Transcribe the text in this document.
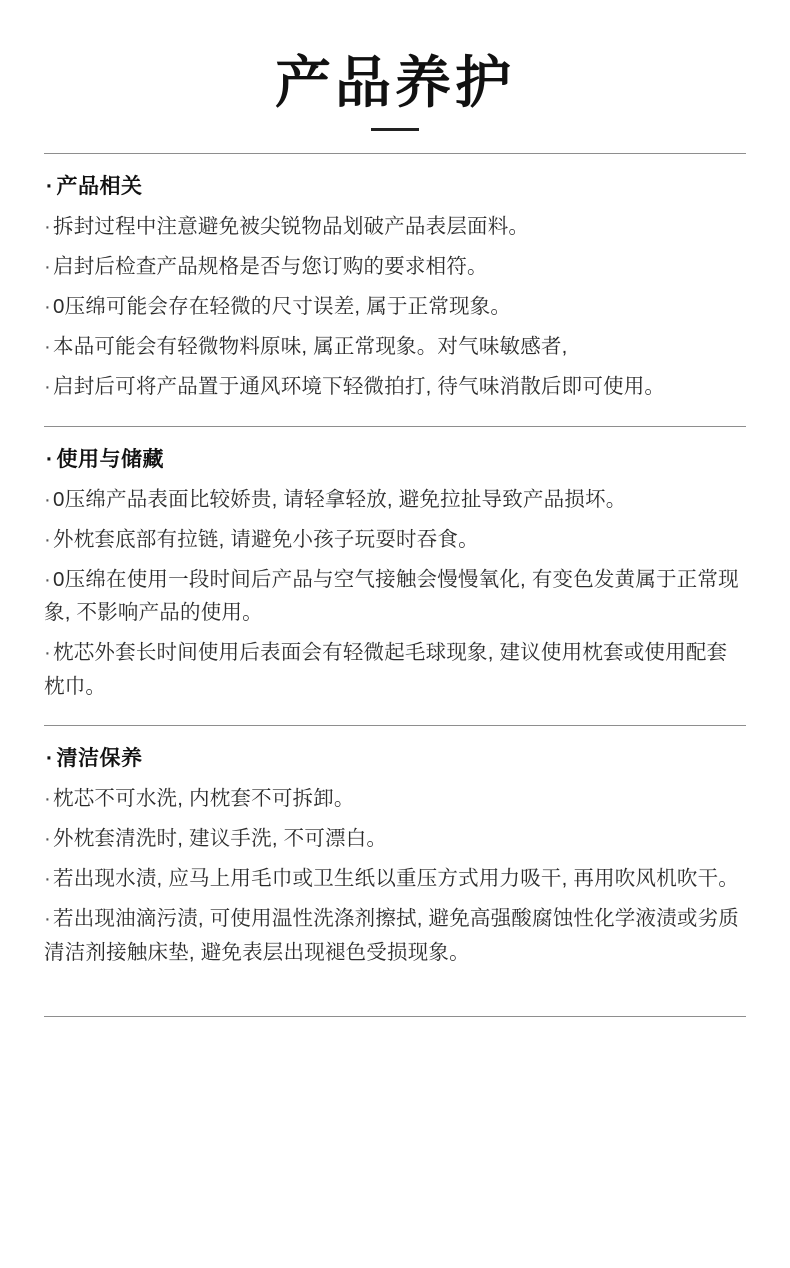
产品养护
· 产品相关

·拆封过程中注意避免被尖锐物品划破产品表层面料。

·启封后检查产品规格是否与您订购的要求相符。

·0压绵可能会存在轻微的尺寸误差, 属于正常现象。

·本品可能会有轻微物料原味, 属正常现象。对气味敏感者,

·启封后可将产品置于通风环境下轻微拍打, 待气味消散后即可使用。

· 使用与储藏

·0压绵产品表面比较娇贵, 请轻拿轻放, 避免拉扯导致产品损坏。

·外枕套底部有拉链, 请避免小孩子玩耍时吞食。

·0压绵在使用一段时间后产品与空气接触会慢慢氧化, 有变色发黄属于正常现象, 不影响产品的使用。

·枕芯外套长时间使用后表面会有轻微起毛球现象, 建议使用枕套或使用配套枕巾。

· 清洁保养

·枕芯不可水洗, 内枕套不可拆卸。

·外枕套清洗时, 建议手洗, 不可漂白。

·若出现水渍, 应马上用毛巾或卫生纸以重压方式用力吸干, 再用吹风机吹干。

·若出现油滴污渍, 可使用温性洗涤剂擦拭, 避免高强酸腐蚀性化学液渍或劣质清洁剂接触床垫, 避免表层出现褪色受损现象。
